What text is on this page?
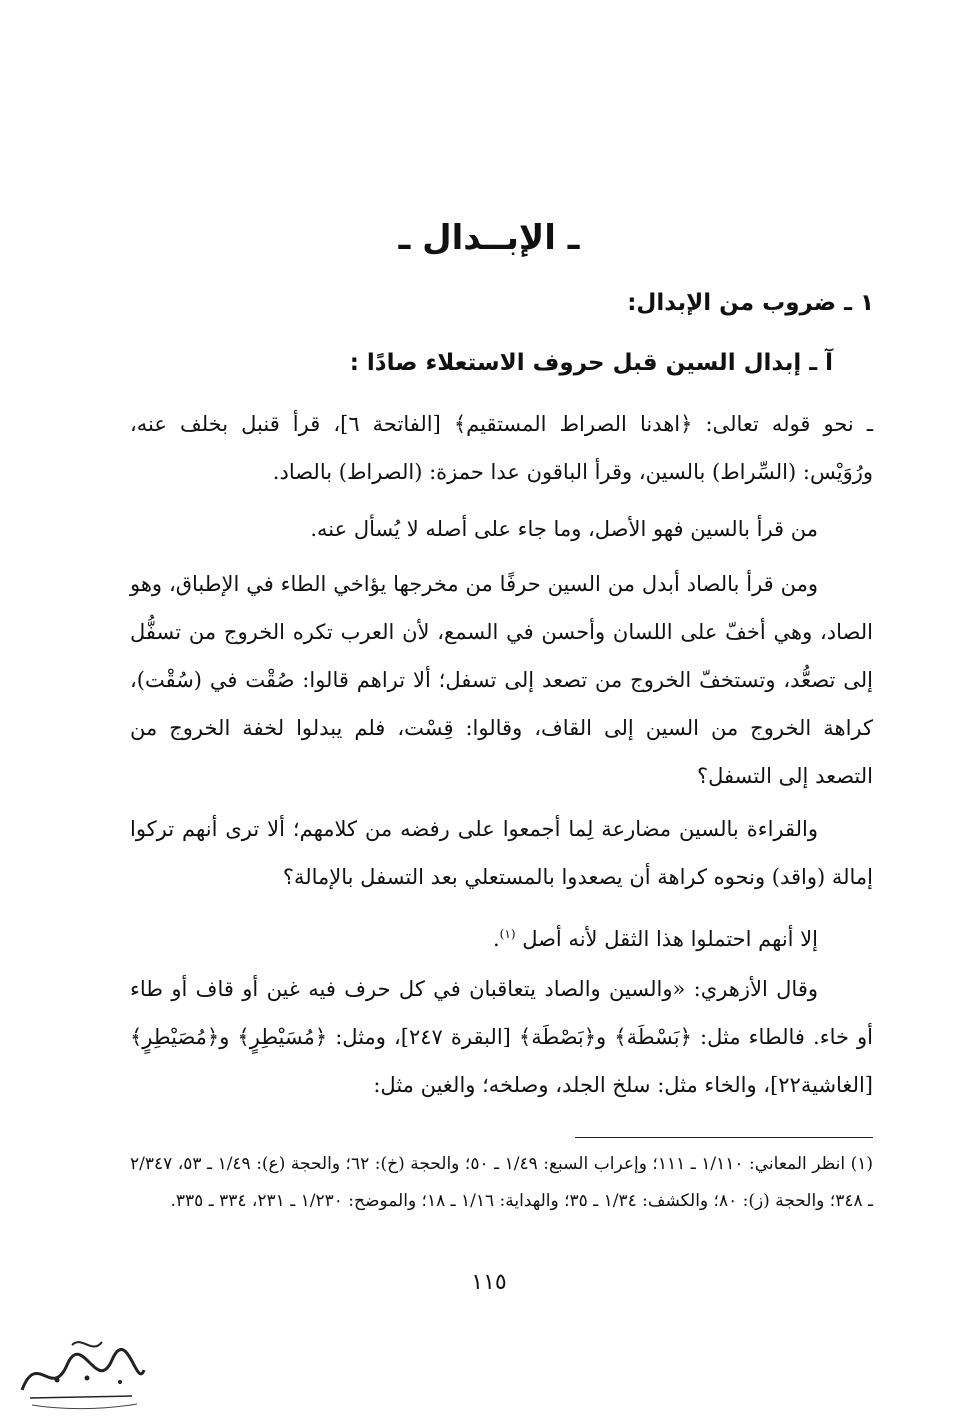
ـ الإبــدال ـ
١ ـ ضروب من الإبدال:
آ ـ إبدال السين قبل حروف الاستعلاء صادًا :
ـ نحو قوله تعالى: ﴿اهدنا الصراط المستقيم﴾ [الفاتحة ٦]، قرأ قنبل بخلف عنه، ورُوَيْس: (السِّراط) بالسين، وقرأ الباقون عدا حمزة: (الصراط) بالصاد.
من قرأ بالسين فهو الأصل، وما جاء على أصله لا يُسأل عنه.
ومن قرأ بالصاد أبدل من السين حرفًا من مخرجها يؤاخي الطاء في الإطباق، وهو الصاد، وهي أخفّ على اللسان وأحسن في السمع، لأن العرب تكره الخروج من تسفُّل إلى تصعُّد، وتستخفّ الخروج من تصعد إلى تسفل؛ ألا تراهم قالوا: صُقْت في (سُقْت)، كراهة الخروج من السين إلى القاف، وقالوا: قِسْت، فلم يبدلوا لخفة الخروج من التصعد إلى التسفل؟
والقراءة بالسين مضارعة لِما أجمعوا على رفضه من كلامهم؛ ألا ترى أنهم تركوا إمالة (واقد) ونحوه كراهة أن يصعدوا بالمستعلي بعد التسفل بالإمالة؟
إلا أنهم احتملوا هذا الثقل لأنه أصل $^{(١)}$.
وقال الأزهري: «والسين والصاد يتعاقبان في كل حرف فيه غين أو قاف أو طاء أو خاء. فالطاء مثل: ﴿بَسْطَة﴾ و﴿بَصْطَة﴾ [البقرة ٢٤٧]، ومثل: ﴿مُسَيْطِرٍ﴾ و﴿مُصَيْطِرٍ﴾ [الغاشية٢٢]، والخاء مثل: سلخ الجلد، وصلخه؛ والغين مثل:
(١) انظر المعاني: ١/١١٠ ـ ١١١؛ وإعراب السبع: ١/٤٩ ـ ٥٠؛ والحجة (خ): ٦٢؛ والحجة (ع): ١/٤٩ ـ ٥٣، ٢/٣٤٧ ـ ٣٤٨؛ والحجة (ز): ٨٠؛ والكشف: ١/٣٤ ـ ٣٥؛ والهداية: ١/١٦ ـ ١٨؛ والموضح: ١/٢٣٠ ـ ٢٣١، ٣٣٤ ـ ٣٣٥.
١١٥
